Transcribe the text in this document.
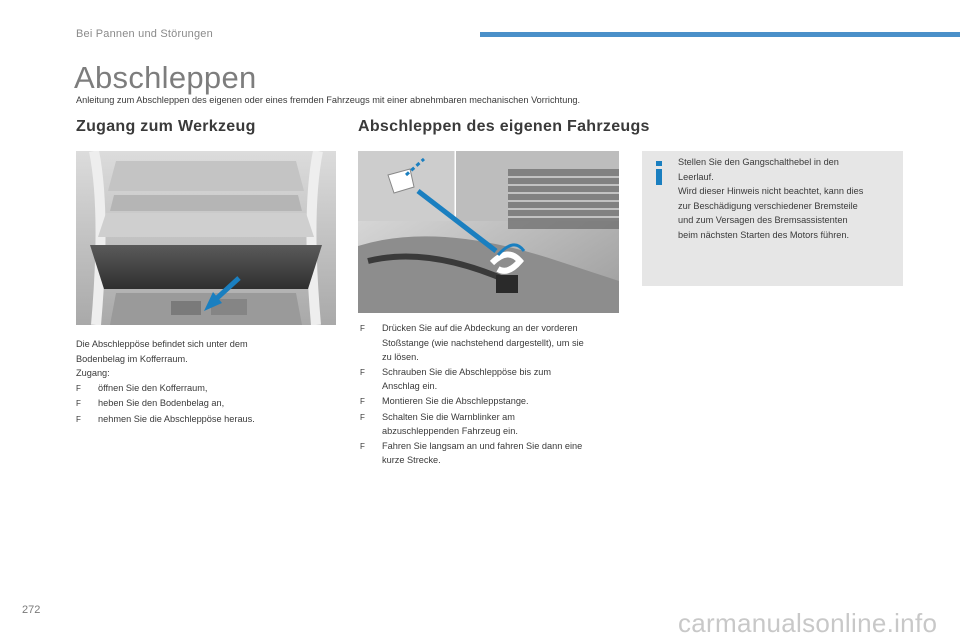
Bei Pannen und Störungen
Abschleppen
Anleitung zum Abschleppen des eigenen oder eines fremden Fahrzeugs mit einer abnehmbaren mechanischen Vorrichtung.
Zugang zum Werkzeug	Abschleppen des eigenen Fahrzeugs
Die Abschleppöse befindet sich unter dem
Bodenbelag im Kofferraum.
Zugang:
F	öffnen Sie den Kofferraum,
F	heben Sie den Bodenbelag an,
F	nehmen Sie die Abschleppöse heraus.
F	Drücken Sie auf die Abdeckung an der vorderen
Stoßstange (wie nachstehend dargestellt), um sie
zu lösen.
F	Schrauben Sie die Abschleppöse bis zum
Anschlag ein.
F	Montieren Sie die Abschleppstange.
F	Schalten Sie die Warnblinker am
abzuschleppenden Fahrzeug ein.
F	Fahren Sie langsam an und fahren Sie dann eine
kurze Strecke.
Stellen Sie den Gangschalthebel in den
Leerlauf.
Wird dieser Hinweis nicht beachtet, kann dies
zur Beschädigung verschiedener Bremsteile
und zum Versagen des Bremsassistenten
beim nächsten Starten des Motors führen.
272	carmanualsonline.info
